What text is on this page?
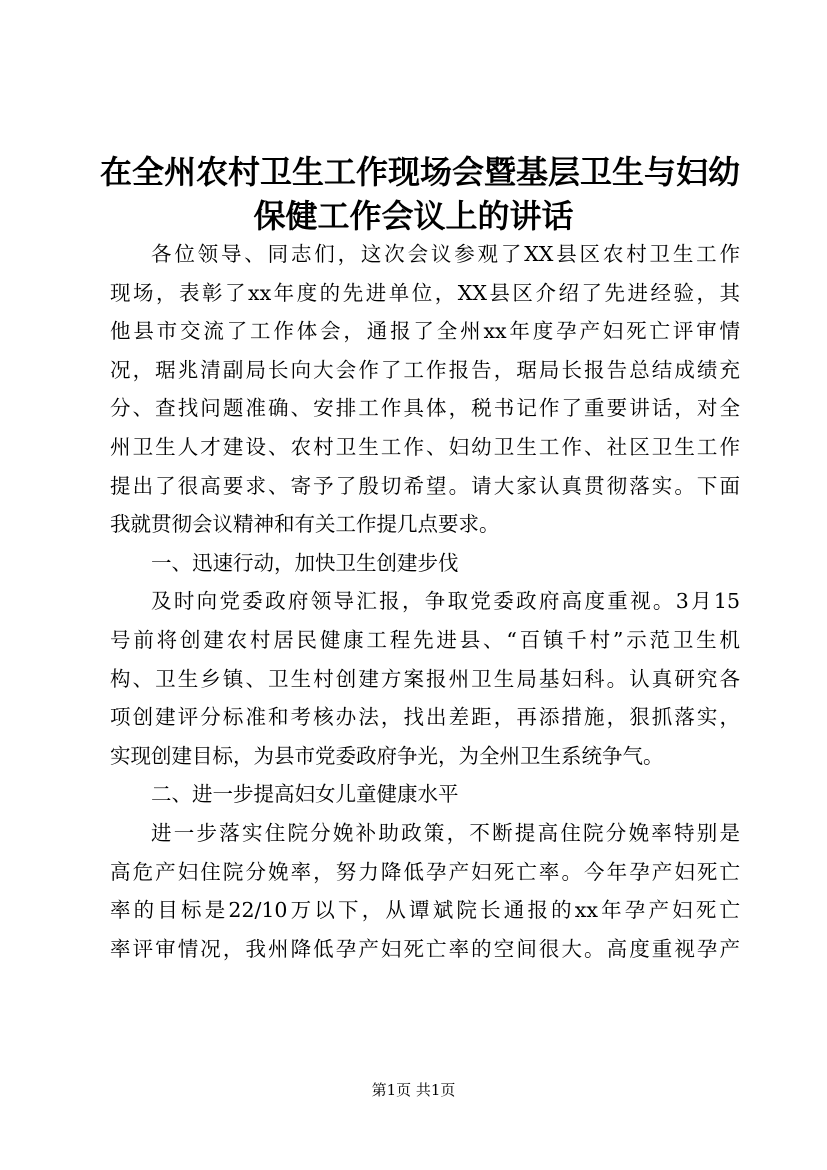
在全州农村卫生工作现场会暨基层卫生与妇幼
保健工作会议上的讲话
各位领导、同志们，这次会议参观了XX县区农村卫生工作
现场，表彰了xx年度的先进单位，XX县区介绍了先进经验，其
他县市交流了工作体会，通报了全州xx年度孕产妇死亡评审情
况，琚兆清副局长向大会作了工作报告，琚局长报告总结成绩充
分、查找问题准确、安排工作具体，税书记作了重要讲话，对全
州卫生人才建设、农村卫生工作、妇幼卫生工作、社区卫生工作
提出了很高要求、寄予了殷切希望。请大家认真贯彻落实。下面
我就贯彻会议精神和有关工作提几点要求。
一、迅速行动，加快卫生创建步伐
及时向党委政府领导汇报，争取党委政府高度重视。3月15
号前将创建农村居民健康工程先进县、“百镇千村”示范卫生机
构、卫生乡镇、卫生村创建方案报州卫生局基妇科。认真研究各
项创建评分标准和考核办法，找出差距，再添措施，狠抓落实，
实现创建目标，为县市党委政府争光，为全州卫生系统争气。
二、进一步提高妇女儿童健康水平
进一步落实住院分娩补助政策，不断提高住院分娩率特别是
高危产妇住院分娩率，努力降低孕产妇死亡率。今年孕产妇死亡
率的目标是22/10万以下，从谭斌院长通报的xx年孕产妇死亡
率评审情况，我州降低孕产妇死亡率的空间很大。高度重视孕产
第1页 共1页
